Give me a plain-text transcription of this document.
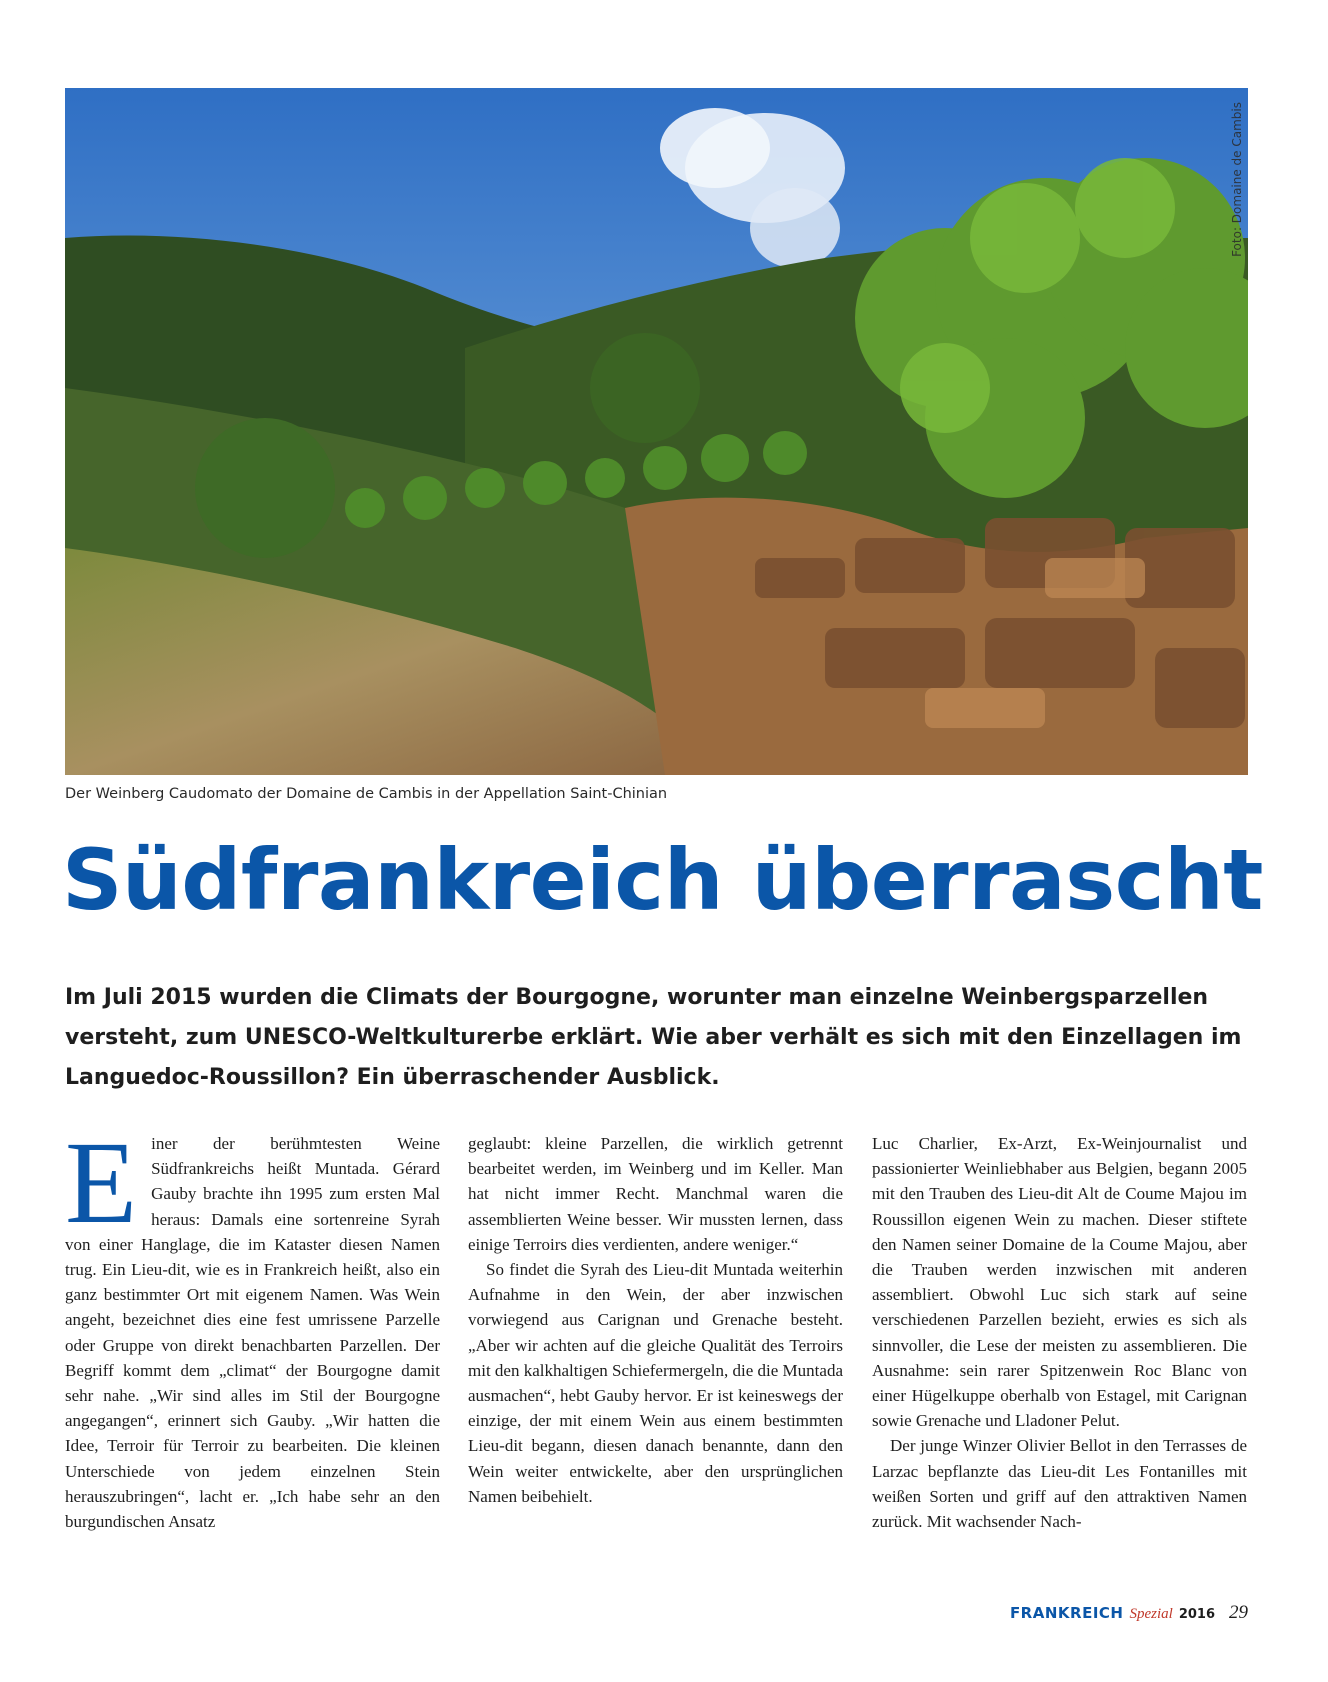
Foto: Domaine de Cambis
Der Weinberg Caudomato der Domaine de Cambis in der Appellation Saint-Chinian
Südfrankreich überrascht

Im Juli 2015 wurden die Climats der Bourgogne, worunter man einzelne Weinbergsparzellen versteht, zum UNESCO-Weltkulturerbe erklärt. Wie aber verhält es sich mit den Einzellagen im Languedoc-Roussillon? Ein überraschender Ausblick.

E iner der berühmtesten Weine Südfrankreichs heißt Muntada. Gérard Gauby brachte ihn 1995 zum ersten Mal heraus: Damals eine sortenreine Syrah von einer Hanglage, die im Kataster diesen Namen trug. Ein Lieu-dit, wie es in Frankreich heißt, also ein ganz bestimmter Ort mit eigenem Namen. Was Wein angeht, bezeichnet dies eine fest umrissene Parzelle oder Gruppe von direkt benachbarten Parzellen. Der Begriff kommt dem „climat“ der Bourgogne damit sehr nahe. „Wir sind alles im Stil der Bourgogne angegangen“, erinnert sich Gauby. „Wir hatten die Idee, Terroir für Terroir zu bearbeiten. Die kleinen Unterschiede von jedem einzelnen Stein herauszubringen“, lacht er. „Ich habe sehr an den burgundischen Ansatz

geglaubt: kleine Parzellen, die wirklich getrennt bearbeitet werden, im Weinberg und im Keller. Man hat nicht immer Recht. Manchmal waren die assemblierten Weine besser. Wir mussten lernen, dass einige Terroirs dies verdienten, andere weniger.“

So findet die Syrah des Lieu-dit Muntada weiterhin Aufnahme in den Wein, der aber inzwischen vorwiegend aus Carignan und Grenache besteht. „Aber wir achten auf die gleiche Qualität des Terroirs mit den kalkhaltigen Schiefermergeln, die die Muntada ausmachen“, hebt Gauby hervor. Er ist keineswegs der einzige, der mit einem Wein aus einem bestimmten Lieu-dit begann, diesen danach benannte, dann den Wein weiter entwickelte, aber den ursprünglichen Namen beibehielt.

Luc Charlier, Ex-Arzt, Ex-Weinjournalist und passionierter Weinliebhaber aus Belgien, begann 2005 mit den Trauben des Lieu-dit Alt de Coume Majou im Roussillon eigenen Wein zu machen. Dieser stiftete den Namen seiner Domaine de la Coume Majou, aber die Trauben werden inzwischen mit anderen assembliert. Obwohl Luc sich stark auf seine verschiedenen Parzellen bezieht, erwies es sich als sinnvoller, die Lese der meisten zu assemblieren. Die Ausnahme: sein rarer Spitzenwein Roc Blanc von einer Hügelkuppe oberhalb von Estagel, mit Carignan sowie Grenache und Lladoner Pelut.

Der junge Winzer Olivier Bellot in den Terrasses de Larzac bepflanzte das Lieu-dit Les Fontanilles mit weißen Sorten und griff auf den attraktiven Namen zurück. Mit wachsender Nach-

FRANKREICH Spezial 2016 29
